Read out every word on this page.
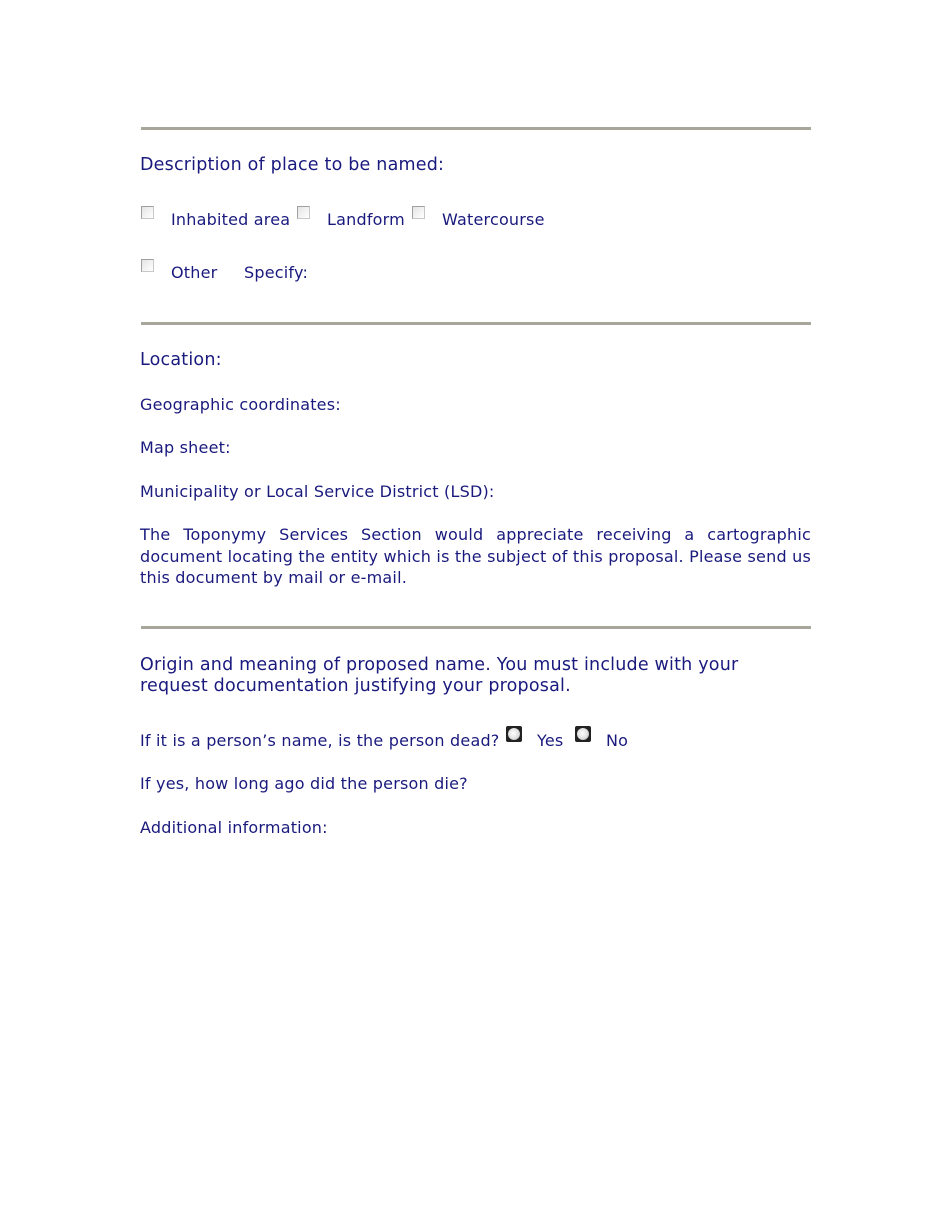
Description of place to be named:
Inhabited area Landform Watercourse
Other Specify:
Location:
Geographic coordinates:
Map sheet:
Municipality or Local Service District (LSD):
The Toponymy Services Section would appreciate receiving a cartographic document locating the entity which is the subject of this proposal. Please send us this document by mail or e-mail.
Origin and meaning of proposed name. You must include with your
request documentation justifying your proposal.
If it is a person’s name, is the person dead? Yes	No
If yes, how long ago did the person die?
Additional information:
